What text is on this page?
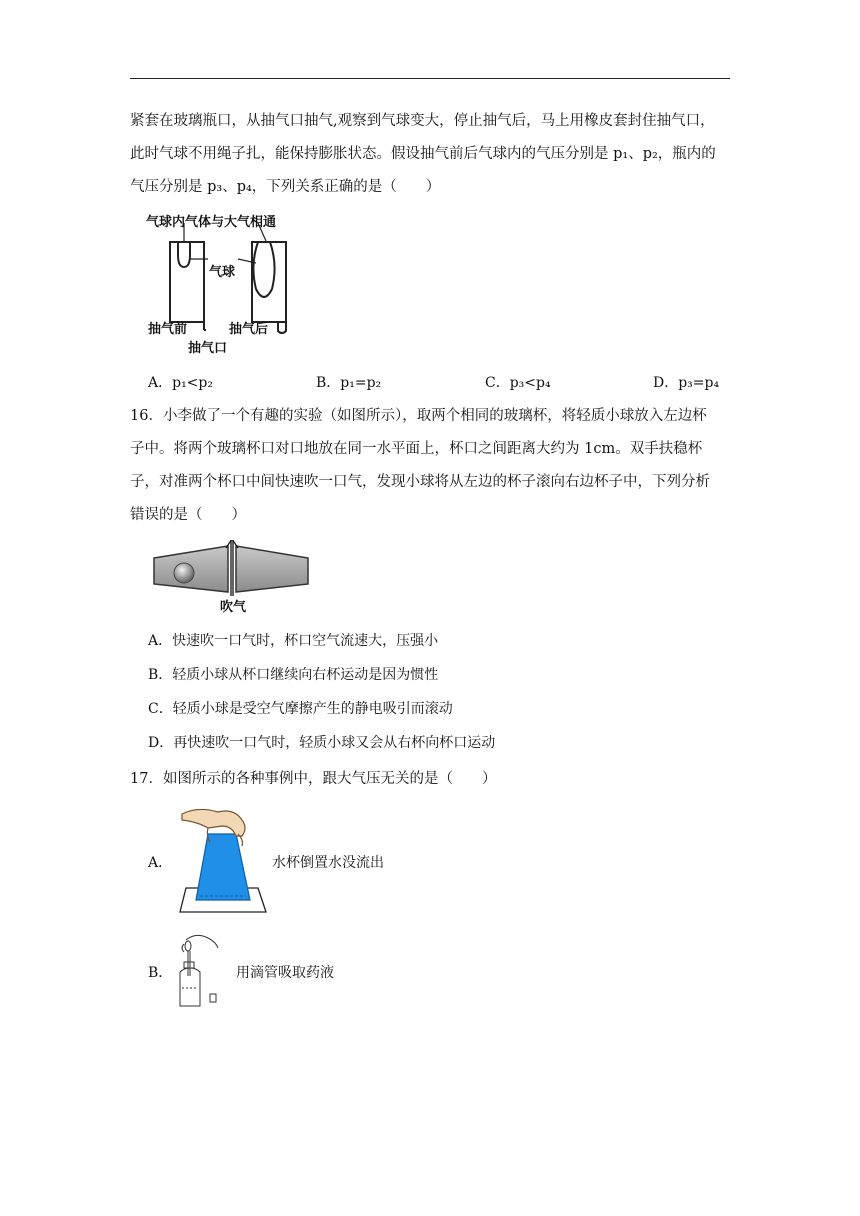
紧套在玻璃瓶口，从抽气口抽气,观察到气球变大，停止抽气后，马上用橡皮套封住抽气口，
此时气球不用绳子扎，能保持膨胀状态。假设抽气前后气球内的气压分别是 p₁、p₂，瓶内的
气压分别是 p₃、p₄，下列关系正确的是（　　）

气球内气体与大气相通
气球
抽气前	抽气后
抽气口
A．p₁<p₂	B．p₁=p₂	C．p₃<p₄	D．p₃=p₄

16．小李做了一个有趣的实验（如图所示），取两个相同的玻璃杯，将轻质小球放入左边杯
子中。将两个玻璃杯口对口地放在同一水平面上，杯口之间距离大约为 1cm。双手扶稳杯
子，对准两个杯口中间快速吹一口气，发现小球将从左边的杯子滚向右边杯子中，下列分析
错误的是（　　）

吹气
A．快速吹一口气时，杯口空气流速大，压强小
B．轻质小球从杯口继续向右杯运动是因为惯性
C．轻质小球是受空气摩擦产生的静电吸引而滚动
D．再快速吹一口气时，轻质小球又会从右杯向杯口运动
17．如图所示的各种事例中，跟大气压无关的是（　　）
A．	水杯倒置水没流出
B．	用滴管吸取药液
